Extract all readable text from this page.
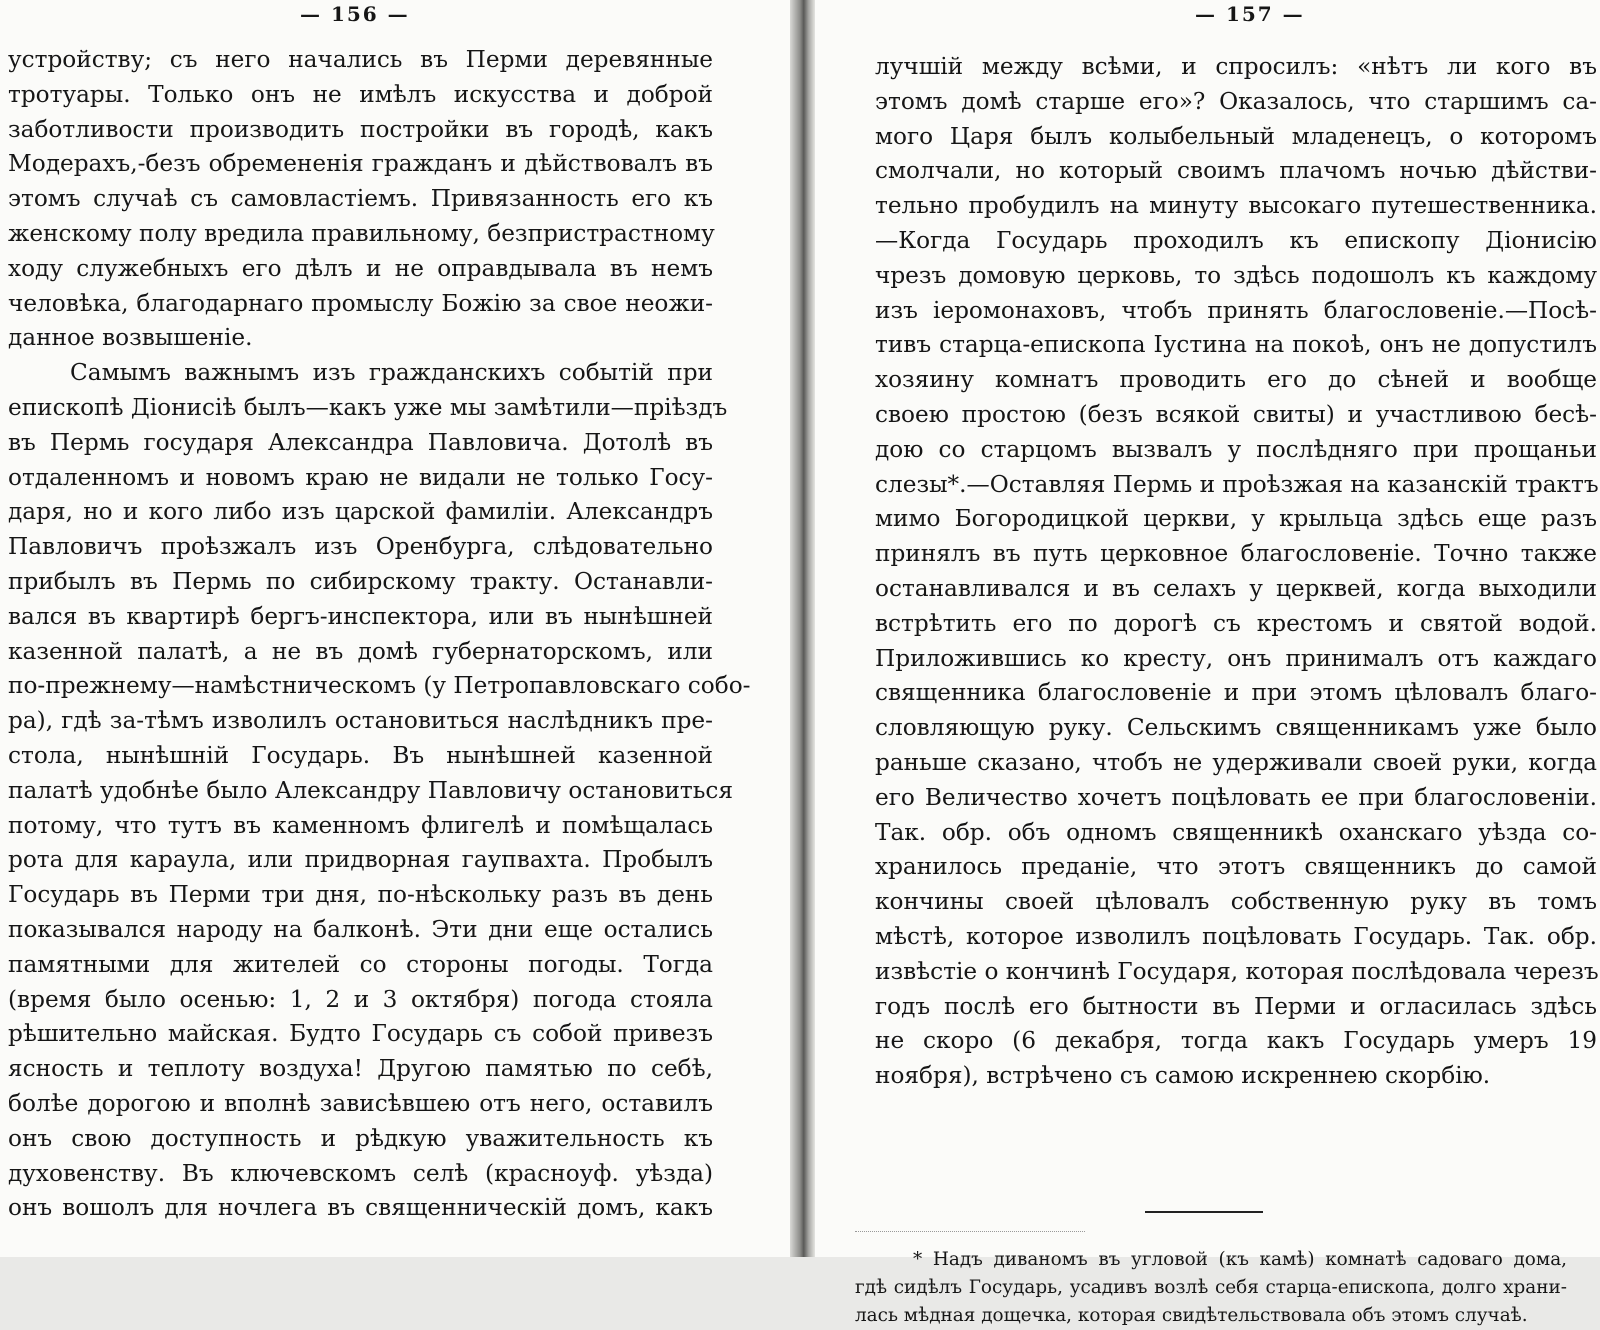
— 156 —
устройству; съ него начались въ Перми деревянные
тротуары. Только онъ не имѣлъ искусства и доброй
заботливости производить постройки въ городѣ, какъ
Модерахъ,-безъ обремененія гражданъ и дѣйствовалъ въ
этомъ случаѣ съ самовластіемъ. Привязанность его къ
женскому полу вредила правильному, безпристрастному
ходу служебныхъ его дѣлъ и не оправдывала въ немъ
человѣка, благодарнаго промыслу Божію за свое неожи-
данное возвышеніе.
Самымъ важнымъ изъ гражданскихъ событій при
епископѣ Діонисіѣ былъ—какъ уже мы замѣтили—пріѣздъ
въ Пермь государя Александра Павловича. Дотолѣ въ
отдаленномъ и новомъ краю не видали не только Госу-
даря, но и кого либо изъ царской фамиліи. Александръ
Павловичъ проѣзжалъ изъ Оренбурга, слѣдовательно
прибылъ въ Пермь по сибирскому тракту. Останавли-
вался въ квартирѣ бергъ-инспектора, или въ нынѣшней
казенной палатѣ, а не въ домѣ губернаторскомъ, или
по-прежнему—намѣстническомъ (у Петропавловскаго собо-
ра), гдѣ за-тѣмъ изволилъ остановиться наслѣдникъ пре-
стола, нынѣшній Государь. Въ нынѣшней казенной
палатѣ удобнѣе было Александру Павловичу остановиться
потому, что тутъ въ каменномъ флигелѣ и помѣщалась
рота для караула, или придворная гаупвахта. Пробылъ
Государь въ Перми три дня, по-нѣскольку разъ въ день
показывался народу на балконѣ. Эти дни еще остались
памятными для жителей со стороны погоды. Тогда
(время было осенью: 1, 2 и 3 октября) погода стояла
рѣшительно майская. Будто Государь съ собой привезъ
ясность и теплоту воздуха! Другою памятью по себѣ,
болѣе дорогою и вполнѣ зависѣвшею отъ него, оставилъ
онъ свою доступность и рѣдкую уважительность къ
духовенству. Въ ключевскомъ селѣ (красноуф. уѣзда)
онъ вошолъ для ночлега въ священническій домъ, какъ
— 157 —
лучшій между всѣми, и спросилъ: «нѣтъ ли кого въ
этомъ домѣ старше его»? Оказалось, что старшимъ са-
мого Царя былъ колыбельный младенецъ, о которомъ
смолчали, но который своимъ плачомъ ночью дѣйстви-
тельно пробудилъ на минуту высокаго путешественника.
—Когда Государь проходилъ къ епископу Діонисію
чрезъ домовую церковь, то здѣсь подошолъ къ каждому
изъ іеромонаховъ, чтобъ принять благословеніе.—Посѣ-
тивъ старца-епископа Іустина на покоѣ, онъ не допустилъ
хозяину комнатъ проводить его до сѣней и вообще
своею простою (безъ всякой свиты) и участливою бесѣ-
дою со старцомъ вызвалъ у послѣдняго при прощаньи
слезы*.—Оставляя Пермь и проѣзжая на казанскій трактъ
мимо Богородицкой церкви, у крыльца здѣсь еще разъ
принялъ въ путь церковное благословеніе. Точно также
останавливался и въ селахъ у церквей, когда выходили
встрѣтить его по дорогѣ съ крестомъ и святой водой.
Приложившись ко кресту, онъ принималъ отъ каждаго
священника благословеніе и при этомъ цѣловалъ благо-
словляющую руку. Сельскимъ священникамъ уже было
раньше сказано, чтобъ не удерживали своей руки, когда
его Величество хочетъ поцѣловать ее при благословеніи.
Так. обр. объ одномъ священникѣ оханскаго уѣзда со-
хранилось преданіе, что этотъ священникъ до самой
кончины своей цѣловалъ собственную руку въ томъ
мѣстѣ, которое изволилъ поцѣловать Государь. Так. обр.
извѣстіе о кончинѣ Государя, которая послѣдовала черезъ
годъ послѣ его бытности въ Перми и огласилась здѣсь
не скоро (6 декабря, тогда какъ Государь умеръ 19
ноября), встрѣчено съ самою искреннею скорбію.
* Надъ диваномъ въ угловой (къ камѣ) комнатѣ садоваго дома,
гдѣ сидѣлъ Государь, усадивъ возлѣ себя старца-епископа, долго храни-
лась мѣдная дощечка, которая свидѣтельствовала объ этомъ случаѣ.
